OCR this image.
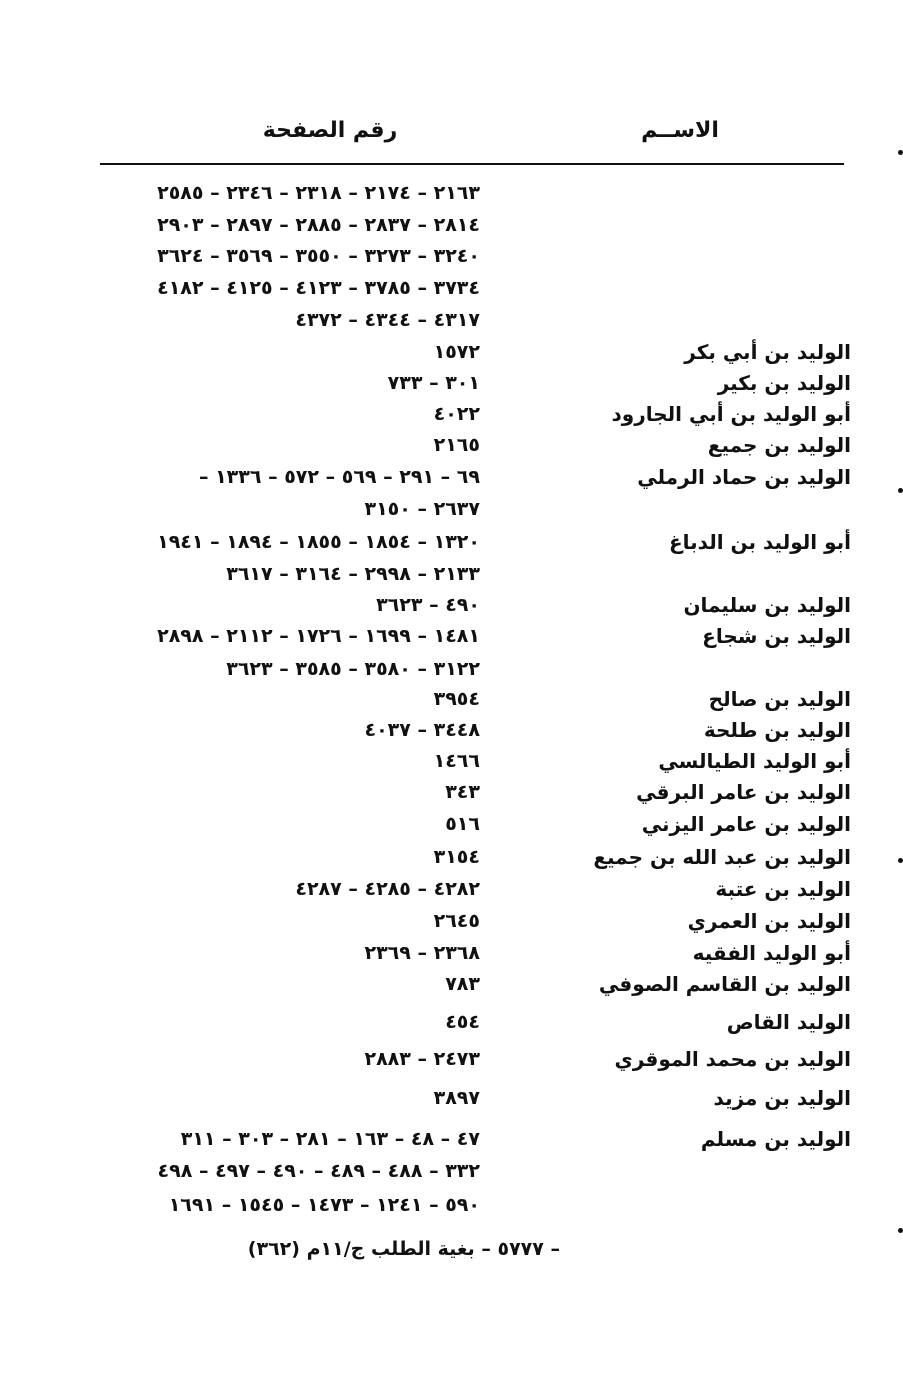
الاســم
رقم الصفحة
٢١٦٣ – ٢١٧٤ – ٢٣١٨ – ٢٣٤٦ – ٢٥٨٥
٢٨١٤ – ٢٨٣٧ – ٢٨٨٥ – ٢٨٩٧ – ٢٩٠٣
٣٢٤٠ – ٣٢٧٣ – ٣٥٥٠ – ٣٥٦٩ – ٣٦٢٤
٣٧٣٤ – ٣٧٨٥ – ٤١٢٣ – ٤١٢٥ – ٤١٨٢
٤٣١٧ – ٤٣٤٤ – ٤٣٧٢
الوليد بن أبي بكر
١٥٧٢
الوليد بن بكير
٣٠١ – ٧٣٣
أبو الوليد بن أبي الجارود
٤٠٢٢
الوليد بن جميع
٢١٦٥
الوليد بن حماد الرملي
٦٩ – ٢٩١ – ٥٦٩ – ٥٧٢ – ١٣٣٦ –
٢٦٣٧ – ٣١٥٠
أبو الوليد بن الدباغ
١٣٢٠ – ١٨٥٤ – ١٨٥٥ – ١٨٩٤ – ١٩٤١
٢١٣٣ – ٢٩٩٨ – ٣١٦٤ – ٣٦١٧
الوليد بن سليمان
٤٩٠ – ٣٦٢٣
الوليد بن شجاع
١٤٨١ – ١٦٩٩ – ١٧٢٦ – ٢١١٢ – ٢٨٩٨
٣١٢٢ – ٣٥٨٠ – ٣٥٨٥ – ٣٦٢٣
الوليد بن صالح
٣٩٥٤
الوليد بن طلحة
٣٤٤٨ – ٤٠٣٧
أبو الوليد الطيالسي
١٤٦٦
الوليد بن عامر البرقي
٣٤٣
الوليد بن عامر اليزني
٥١٦
الوليد بن عبد الله بن جميع
٣١٥٤
الوليد بن عتبة
٤٢٨٢ – ٤٢٨٥ – ٤٢٨٧
الوليد بن العمري
٢٦٤٥
أبو الوليد الفقيه
٢٣٦٨ – ٢٣٦٩
الوليد بن القاسم الصوفي
٧٨٣
الوليد القاص
٤٥٤
الوليد بن محمد الموقري
٢٤٧٣ – ٢٨٨٣
الوليد بن مزيد
٣٨٩٧
الوليد بن مسلم
٤٧ – ٤٨ – ١٦٣ – ٢٨١ – ٣٠٣ – ٣١١
٣٣٢ – ٤٨٨ – ٤٨٩ – ٤٩٠ – ٤٩٧ – ٤٩٨
٥٩٠ – ١٢٤١ – ١٤٧٣ – ١٥٤٥ – ١٦٩١
– ٥٧٧٧ – بغية الطلب ج/١١م (٣٦٢)
